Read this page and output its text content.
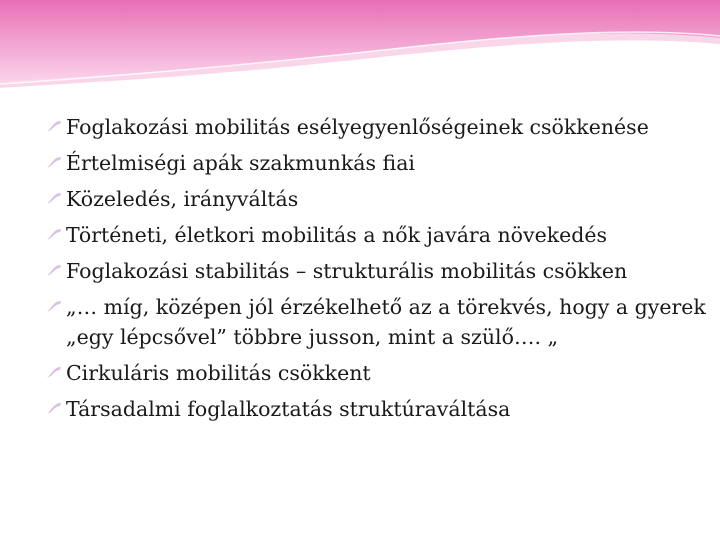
Foglakozási mobilitás esélyegyenlőségeinek csökkenése
Értelmiségi apák szakmunkás fiai
Közeledés, irányváltás
Történeti, életkori mobilitás a nők javára növekedés
Foglakozási stabilitás – strukturális mobilitás csökken
„… míg, középen jól érzékelhető az a törekvés, hogy a gyerek „egy lépcsővel” többre jusson, mint a szülő…. „
Cirkuláris mobilitás csökkent
Társadalmi foglalkoztatás struktúraváltása
